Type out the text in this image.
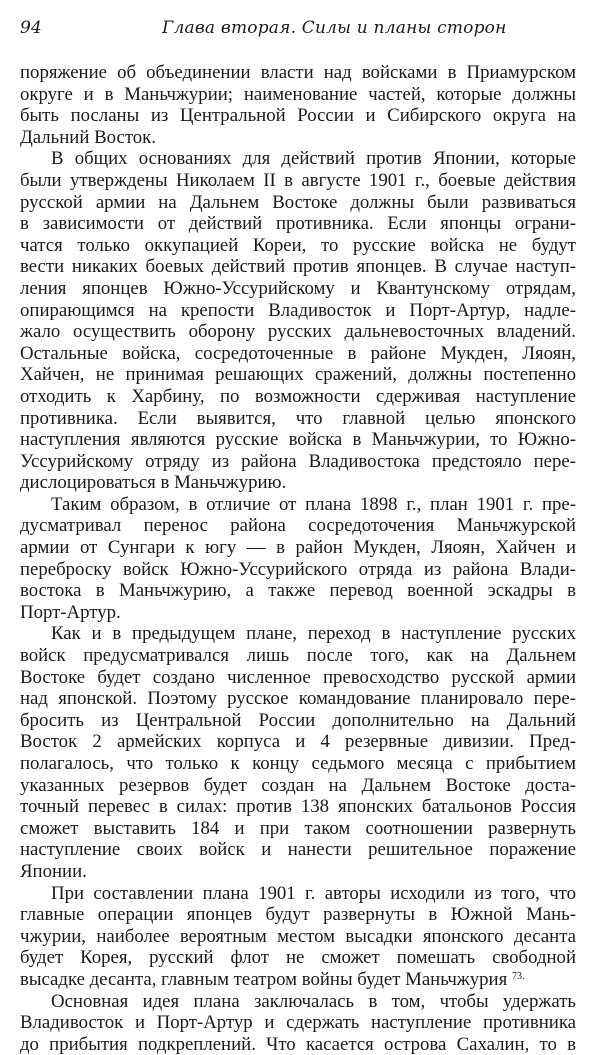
94	Глава вторая. Силы и планы сторон

поряжение об объединении власти над войсками в Приамурском
округе и в Маньчжурии; наименование частей, которые должны
быть посланы из Центральной России и Сибирского округа на
Дальний Восток.

В общих основаниях для действий против Японии, которые
были утверждены Николаем II в августе 1901 г., боевые действия
русской армии на Дальнем Востоке должны были развиваться
в зависимости от действий противника. Если японцы ограни-
чатся только оккупацией Кореи, то русские войска не будут
вести никаких боевых действий против японцев. В случае наступ-
ления японцев Южно-Уссурийскому и Квантунскому отрядам,
опирающимся на крепости Владивосток и Порт-Артур, надле-
жало осуществить оборону русских дальневосточных владений.
Остальные войска, сосредоточенные в районе Мукден, Ляоян,
Хайчен, не принимая решающих сражений, должны постепенно
отходить к Харбину, по возможности сдерживая наступление
противника. Если выявится, что главной целью японского
наступления являются русские войска в Маньчжурии, то Южно-
Уссурийскому отряду из района Владивостока предстояло пере-
дислоцироваться в Маньчжурию.

Таким образом, в отличие от плана 1898 г., план 1901 г. пре-
дусматривал перенос района сосредоточения Маньчжурской
армии от Сунгари к югу — в район Мукден, Ляоян, Хайчен и
переброску войск Южно-Уссурийского отряда из района Влади-
востока в Маньчжурию, а также перевод военной эскадры в
Порт-Артур.

Как и в предыдущем плане, переход в наступление русских
войск предусматривался лишь после того, как на Дальнем
Востоке будет создано численное превосходство русской армии
над японской. Поэтому русское командование планировало пере-
бросить из Центральной России дополнительно на Дальний
Восток 2 армейских корпуса и 4 резервные дивизии. Пред-
полагалось, что только к концу седьмого месяца с прибытием
указанных резервов будет создан на Дальнем Востоке доста-
точный перевес в силах: против 138 японских батальонов Россия
сможет выставить 184 и при таком соотношении развернуть
наступление своих войск и нанести решительное поражение
Японии.

При составлении плана 1901 г. авторы исходили из того, что
главные операции японцев будут развернуты в Южной Мань-
чжурии, наиболее вероятным местом высадки японского десанта
будет Корея, русский флот не сможет помешать свободной
высадке десанта, главным театром войны будет Маньчжурия $^{73.}$

Основная идея плана заключалась в том, чтобы удержать
Владивосток и Порт-Артур и сдержать наступление противника
до прибытия подкреплений. Что касается острова Сахалин, то в
